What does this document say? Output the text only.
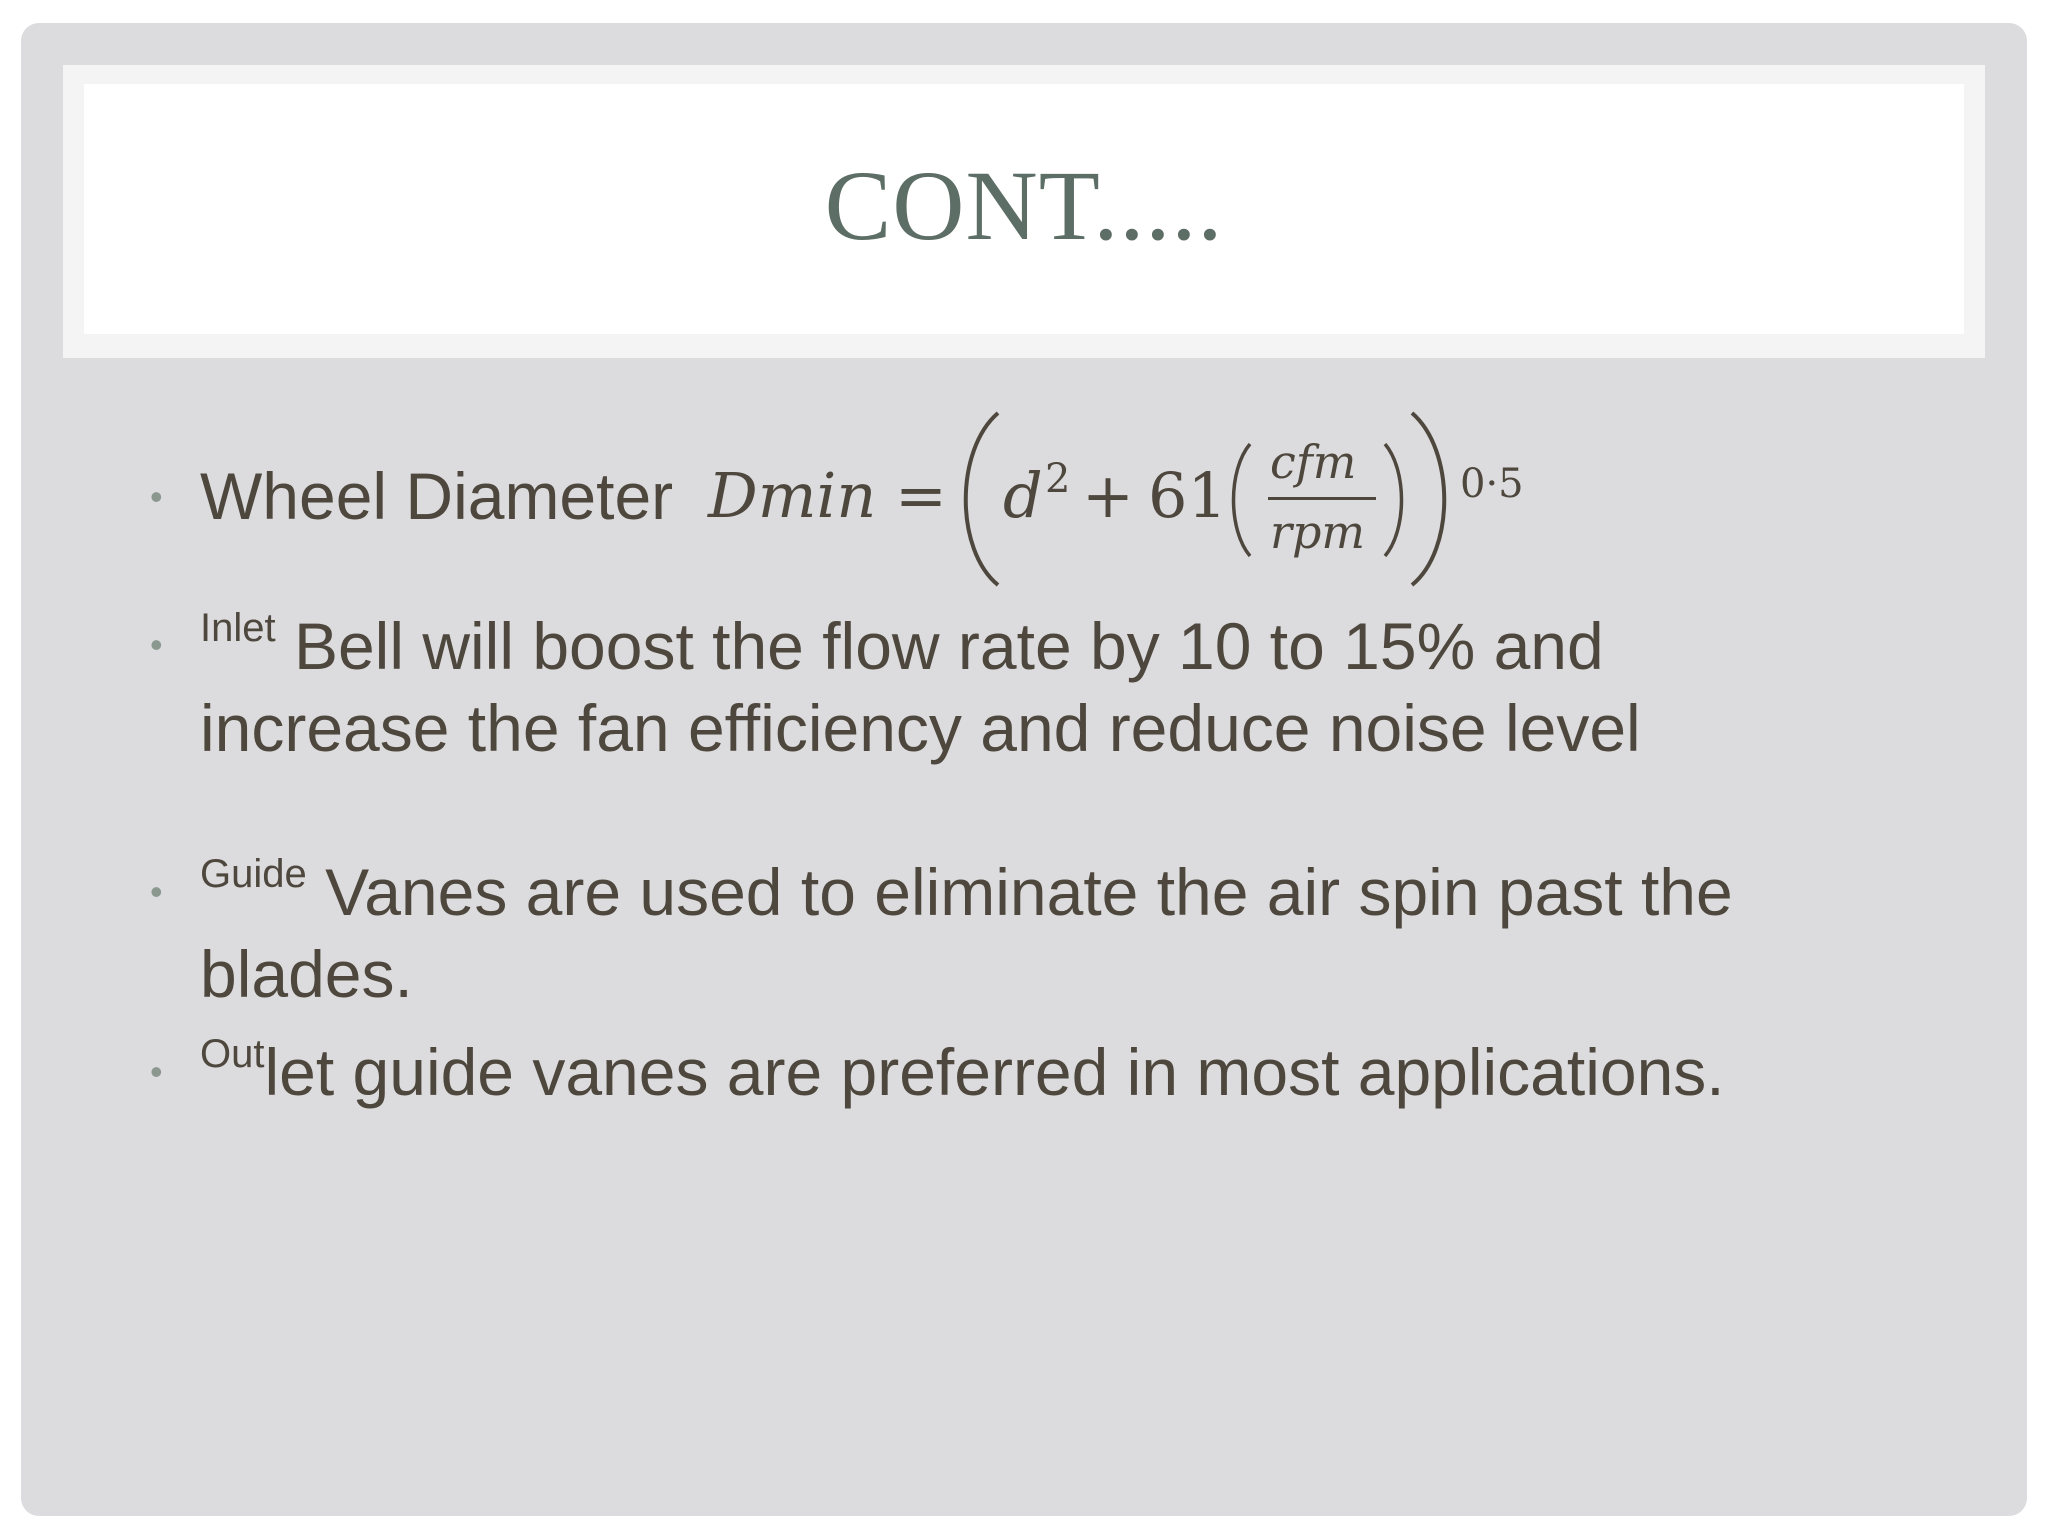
CONT.....
•
Wheel Diameter Dmin = d 2 + 61 cfm
rpm
0·5
•
$^{Inlet}$ Bell will boost the flow rate by 10 to 15% and
increase the fan efficiency and reduce noise level
•
$^{Guide}$ Vanes are used to eliminate the air spin past the
blades.
•
$^{Out}$let guide vanes are preferred in most applications.
